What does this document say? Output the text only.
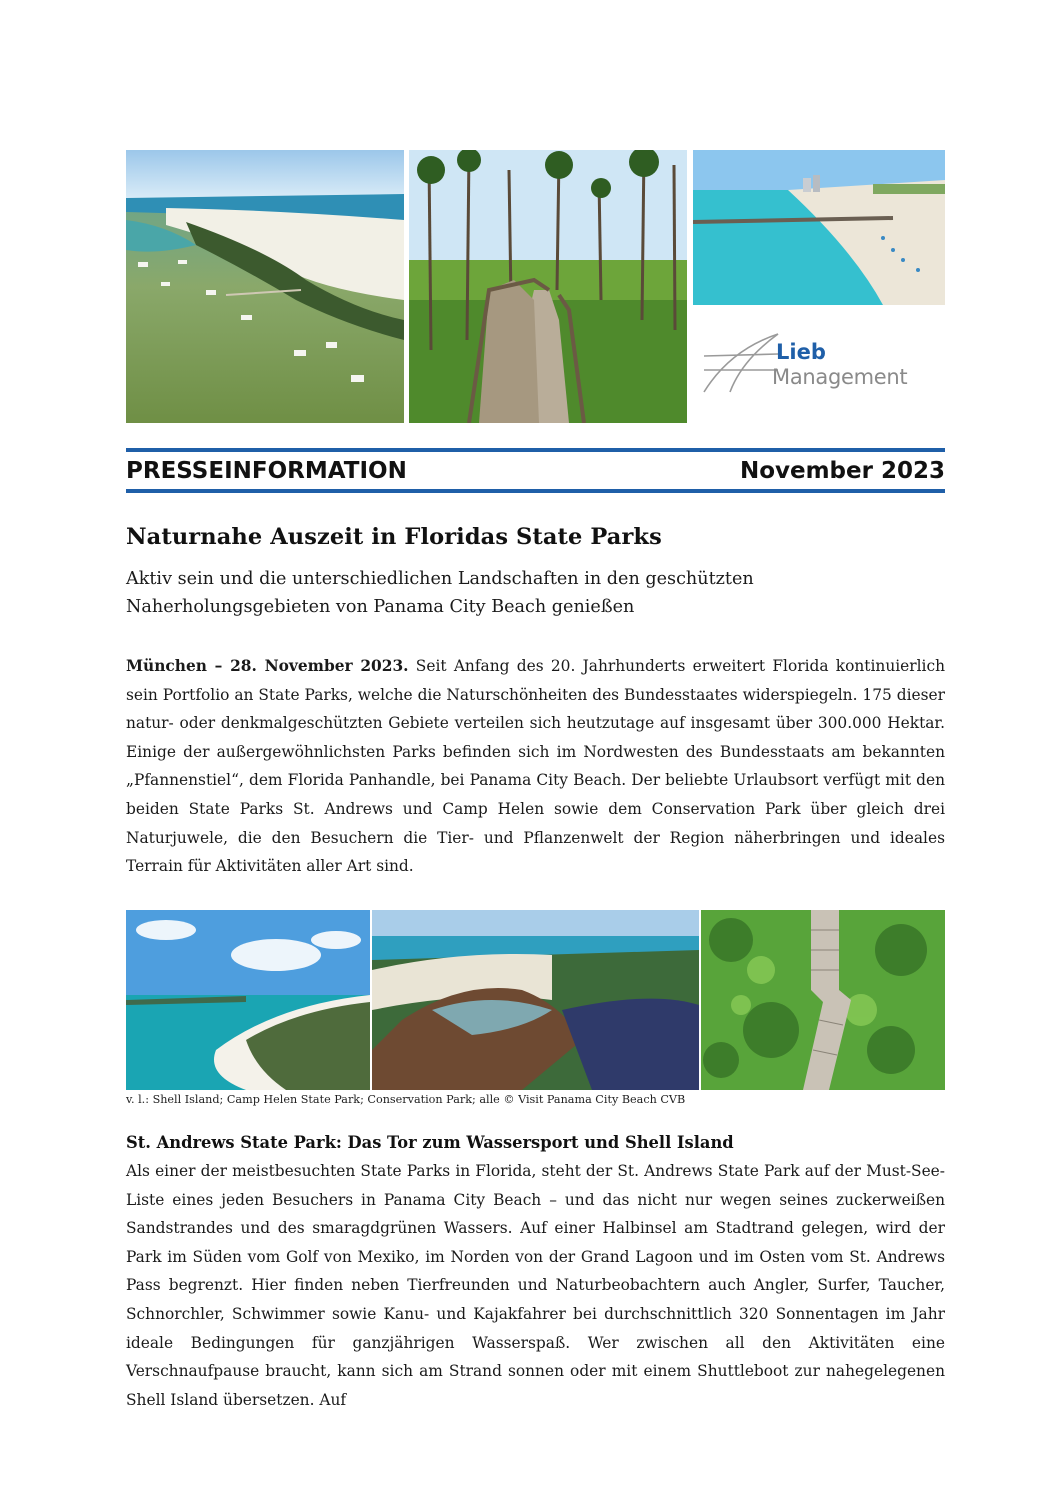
Lieb
Management
PRESSEINFORMATION	November 2023
Naturnahe Auszeit in Floridas State Parks
Aktiv sein und die unterschiedlichen Landschaften in den geschützten Naherholungsgebieten von Panama City Beach genießen
München – 28. November 2023. Seit Anfang des 20. Jahrhunderts erweitert Florida kontinuierlich sein Portfolio an State Parks, welche die Naturschönheiten des Bundesstaates widerspiegeln. 175 dieser natur- oder denkmalgeschützten Gebiete verteilen sich heutzutage auf insgesamt über 300.000 Hektar. Einige der außergewöhnlichsten Parks befinden sich im Nordwesten des Bundesstaats am bekannten „Pfannenstiel“, dem Florida Panhandle, bei Panama City Beach. Der beliebte Urlaubsort verfügt mit den beiden State Parks St. Andrews und Camp Helen sowie dem Conservation Park über gleich drei Naturjuwele, die den Besuchern die Tier- und Pflanzenwelt der Region näherbringen und ideales Terrain für Aktivitäten aller Art sind.
v. l.: Shell Island; Camp Helen State Park; Conservation Park; alle © Visit Panama City Beach CVB
St. Andrews State Park: Das Tor zum Wassersport und Shell Island
Als einer der meistbesuchten State Parks in Florida, steht der St. Andrews State Park auf der Must-See-Liste eines jeden Besuchers in Panama City Beach – und das nicht nur wegen seines zuckerweißen Sandstrandes und des smaragdgrünen Wassers. Auf einer Halbinsel am Stadtrand gelegen, wird der Park im Süden vom Golf von Mexiko, im Norden von der Grand Lagoon und im Osten vom St. Andrews Pass begrenzt. Hier finden neben Tierfreunden und Naturbeobachtern auch Angler, Surfer, Taucher, Schnorchler, Schwimmer sowie Kanu- und Kajakfahrer bei durchschnittlich 320 Sonnentagen im Jahr ideale Bedingungen für ganzjährigen Wasserspaß. Wer zwischen all den Aktivitäten eine Verschnaufpause braucht, kann sich am Strand sonnen oder mit einem Shuttleboot zur nahegelegenen Shell Island übersetzen. Auf
